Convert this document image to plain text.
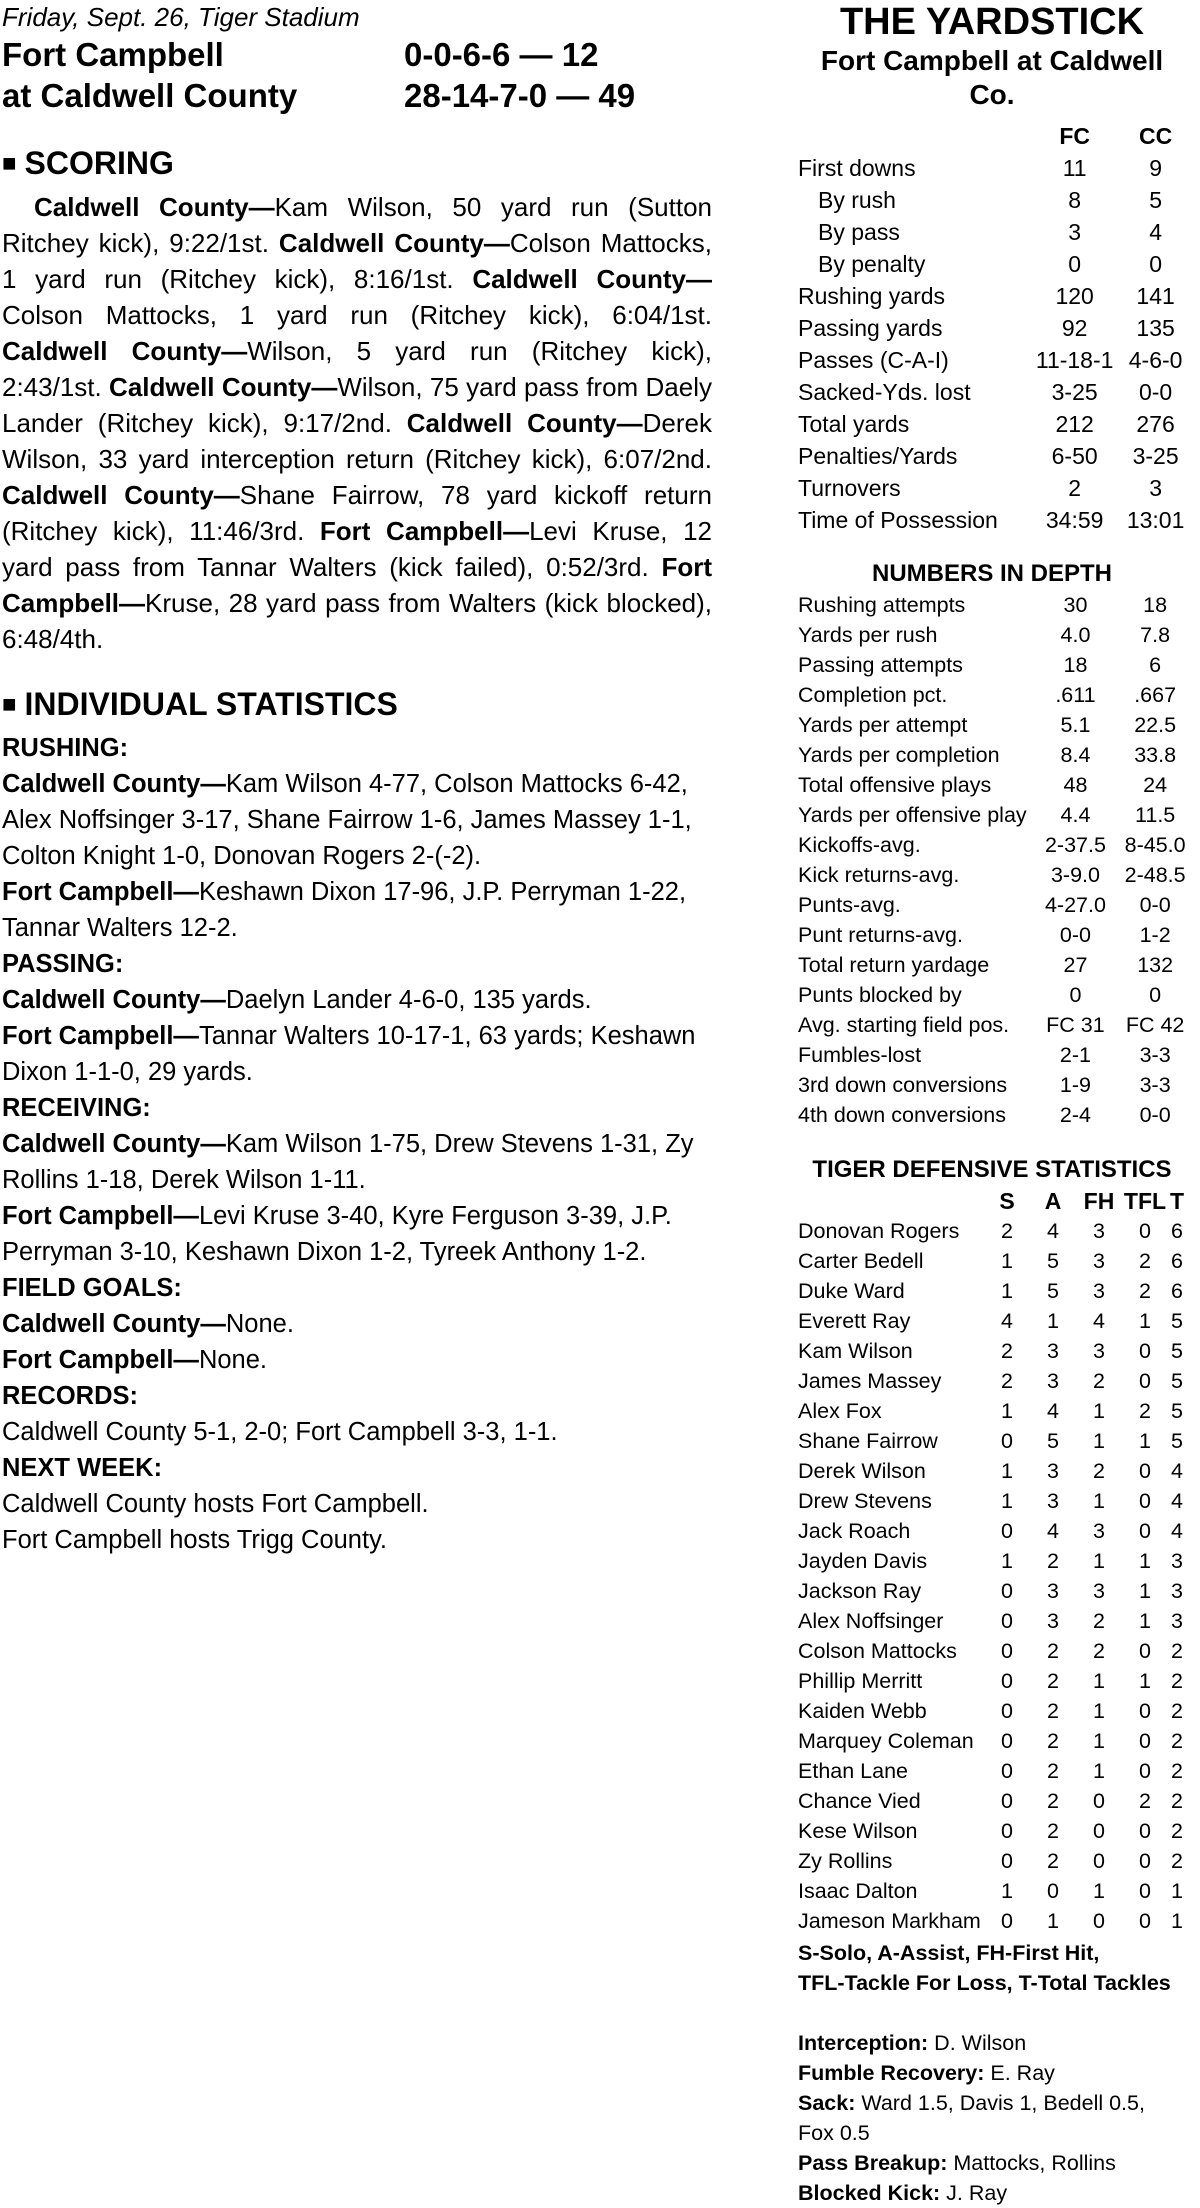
Friday, Sept. 26, Tiger Stadium

Fort Campbell	0-0-6-6 — 12
at Caldwell County	28-14-7-0 — 49
■ SCORING

Caldwell County—Kam Wilson, 50 yard run (Sutton Ritchey kick), 9:22/1st. Caldwell County—Colson Mattocks, 1 yard run (Ritchey kick), 8:16/1st. Caldwell County—Colson Mattocks, 1 yard run (Ritchey kick), 6:04/1st. Caldwell County—Wilson, 5 yard run (Ritchey kick), 2:43/1st. Caldwell County—Wilson, 75 yard pass from Daely Lander (Ritchey kick), 9:17/2nd. Caldwell County—Derek Wilson, 33 yard interception return (Ritchey kick), 6:07/2nd. Caldwell County—Shane Fairrow, 78 yard kickoff return (Ritchey kick), 11:46/3rd. Fort Campbell—Levi Kruse, 12 yard pass from Tannar Walters (kick failed), 0:52/3rd. Fort Campbell—Kruse, 28 yard pass from Walters (kick blocked), 6:48/4th.

■ INDIVIDUAL STATISTICS
RUSHING:

Caldwell County—Kam Wilson 4-77, Colson Mattocks 6-42, Alex Noffsinger 3-17, Shane Fairrow 1-6, James Massey 1-1, Colton Knight 1-0, Donovan Rogers 2-(-2).

Fort Campbell—Keshawn Dixon 17-96, J.P. Perryman 1-22, Tannar Walters 12-2.

PASSING:

Caldwell County—Daelyn Lander 4-6-0, 135 yards.

Fort Campbell—Tannar Walters 10-17-1, 63 yards; Keshawn Dixon 1-1-0, 29 yards.

RECEIVING:

Caldwell County—Kam Wilson 1-75, Drew Stevens 1-31, Zy Rollins 1-18, Derek Wilson 1-11.

Fort Campbell—Levi Kruse 3-40, Kyre Ferguson 3-39, J.P. Perryman 3-10, Keshawn Dixon 1-2, Tyreek Anthony 1-2.

FIELD GOALS:

Caldwell County—None.

Fort Campbell—None.

RECORDS:

Caldwell County 5-1, 2-0; Fort Campbell 3-3, 1-1.

NEXT WEEK:

Caldwell County hosts Fort Campbell.

Fort Campbell hosts Trigg County.

THE YARDSTICK

Fort Campbell at Caldwell Co.

	FC	CC
First downs	11	9
By rush	8	5
By pass	3	4
By penalty	0	0
Rushing yards	120	141
Passing yards	92	135
Passes (C-A-I)	11-18-1	4-6-0
Sacked-Yds. lost	3-25	0-0
Total yards	212	276
Penalties/Yards	6-50	3-25
Turnovers	2	3
Time of Possession	34:59	13:01

NUMBERS IN DEPTH

Rushing attempts	30	18
Yards per rush	4.0	7.8
Passing attempts	18	6
Completion pct.	.611	.667
Yards per attempt	5.1	22.5
Yards per completion	8.4	33.8
Total offensive plays	48	24
Yards per offensive play	4.4	11.5
Kickoffs-avg.	2-37.5	8-45.0
Kick returns-avg.	3-9.0	2-48.5
Punts-avg.	4-27.0	0-0
Punt returns-avg.	0-0	1-2
Total return yardage	27	132
Punts blocked by	0	0
Avg. starting field pos.	FC 31	FC 42
Fumbles-lost	2-1	3-3
3rd down conversions	1-9	3-3
4th down conversions	2-4	0-0

TIGER DEFENSIVE STATISTICS

	S	A	FH	TFL	T
Donovan Rogers	2	4	3	0	6
Carter Bedell	1	5	3	2	6
Duke Ward	1	5	3	2	6
Everett Ray	4	1	4	1	5
Kam Wilson	2	3	3	0	5
James Massey	2	3	2	0	5
Alex Fox	1	4	1	2	5
Shane Fairrow	0	5	1	1	5
Derek Wilson	1	3	2	0	4
Drew Stevens	1	3	1	0	4
Jack Roach	0	4	3	0	4
Jayden Davis	1	2	1	1	3
Jackson Ray	0	3	3	1	3
Alex Noffsinger	0	3	2	1	3
Colson Mattocks	0	2	2	0	2
Phillip Merritt	0	2	1	1	2
Kaiden Webb	0	2	1	0	2
Marquey Coleman	0	2	1	0	2
Ethan Lane	0	2	1	0	2
Chance Vied	0	2	0	2	2
Kese Wilson	0	2	0	0	2
Zy Rollins	0	2	0	0	2
Isaac Dalton	1	0	1	0	1
Jameson Markham	0	1	0	0	1

S-Solo, A-Assist, FH-First Hit,

TFL-Tackle For Loss, T-Total Tackles

Interception: D. Wilson

Fumble Recovery: E. Ray

Sack: Ward 1.5, Davis 1, Bedell 0.5, Fox 0.5

Pass Breakup: Mattocks, Rollins

Blocked Kick: J. Ray
